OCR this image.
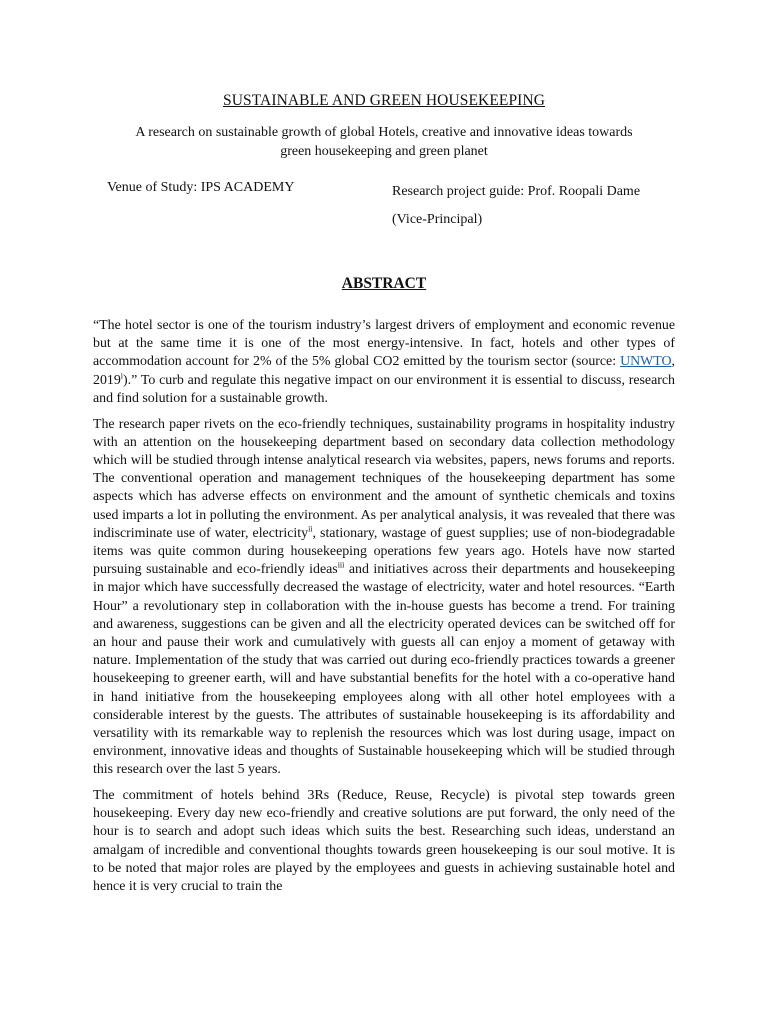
SUSTAINABLE AND GREEN HOUSEKEEPING
A research on sustainable growth of global Hotels, creative and innovative ideas towards
green housekeeping and green planet
Venue of Study: IPS ACADEMY	Research project guide: Prof. Roopali Dame
(Vice-Principal)
ABSTRACT

“The hotel sector is one of the tourism industry’s largest drivers of employment and economic revenue but at the same time it is one of the most energy-intensive. In fact, hotels and other types of accommodation account for 2% of the 5% global CO2 emitted by the tourism sector (source: UNWTO, 2019$^i$).” To curb and regulate this negative impact on our environment it is essential to discuss, research and find solution for a sustainable growth.

The research paper rivets on the eco-friendly techniques, sustainability programs in hospitality industry with an attention on the housekeeping department based on secondary data collection methodology which will be studied through intense analytical research via websites, papers, news forums and reports. The conventional operation and management techniques of the housekeeping department has some aspects which has adverse effects on environment and the amount of synthetic chemicals and toxins used imparts a lot in polluting the environment. As per analytical analysis, it was revealed that there was indiscriminate use of water, electricity$^{ii}$, stationary, wastage of guest supplies; use of non-biodegradable items was quite common during housekeeping operations few years ago. Hotels have now started pursuing sustainable and eco-friendly ideas$^{iii}$ and initiatives across their departments and housekeeping in major which have successfully decreased the wastage of electricity, water and hotel resources. “Earth Hour” a revolutionary step in collaboration with the in-house guests has become a trend. For training and awareness, suggestions can be given and all the electricity operated devices can be switched off for an hour and pause their work and cumulatively with guests all can enjoy a moment of getaway with nature. Implementation of the study that was carried out during eco-friendly practices towards a greener housekeeping to greener earth, will and have substantial benefits for the hotel with a co-operative hand in hand initiative from the housekeeping employees along with all other hotel employees with a considerable interest by the guests. The attributes of sustainable housekeeping is its affordability and versatility with its remarkable way to replenish the resources which was lost during usage, impact on environment, innovative ideas and thoughts of Sustainable housekeeping which will be studied through this research over the last 5 years.

The commitment of hotels behind 3Rs (Reduce, Reuse, Recycle) is pivotal step towards green housekeeping. Every day new eco-friendly and creative solutions are put forward, the only need of the hour is to search and adopt such ideas which suits the best. Researching such ideas, understand an amalgam of incredible and conventional thoughts towards green housekeeping is our soul motive. It is to be noted that major roles are played by the employees and guests in achieving sustainable hotel and hence it is very crucial to train the
